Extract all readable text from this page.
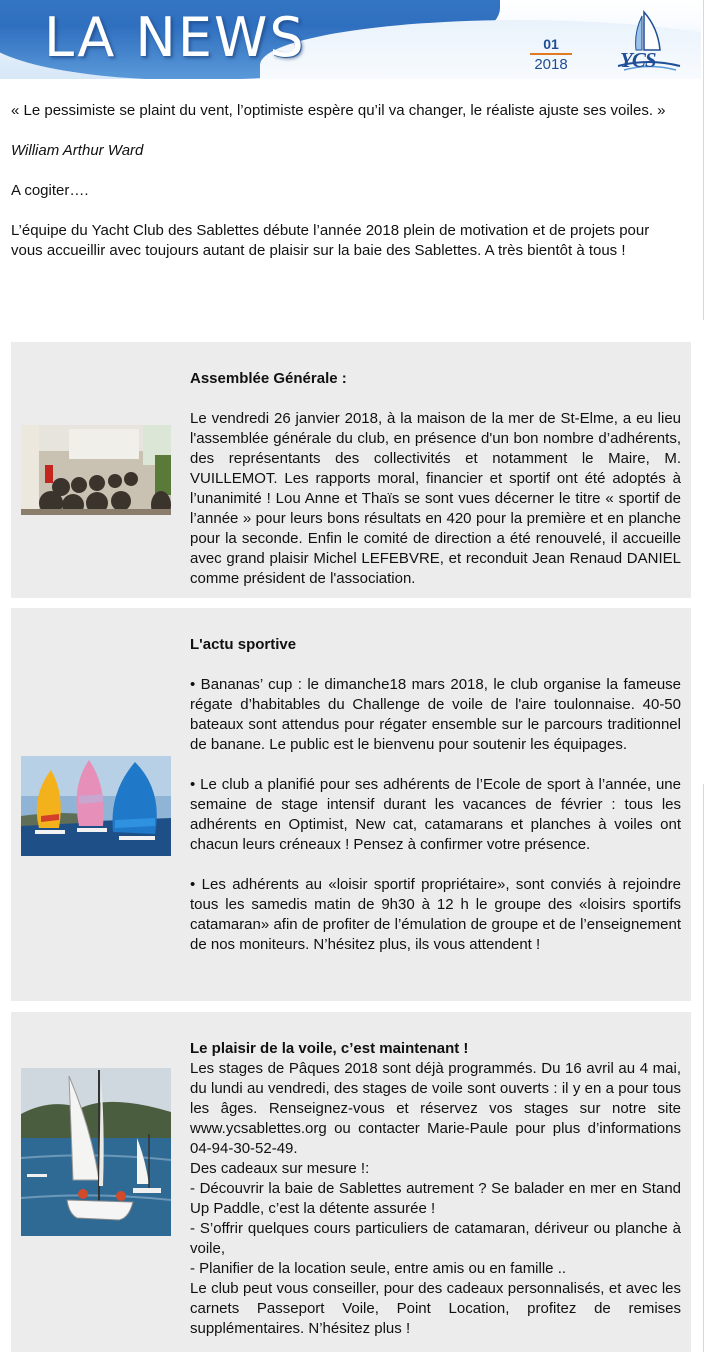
LA NEWS	01
2018 YCS

« Le pessimiste se plaint du vent, l’optimiste espère qu’il va changer, le réaliste ajuste ses voiles. »

William Arthur Ward

A cogiter….

L’équipe du Yacht Club des Sablettes débute l’année 2018 plein de motivation et de projets pour vous accueillir avec toujours autant de plaisir sur la baie des Sablettes. A très bientôt à tous !

Assemblée Générale :

Le vendredi 26 janvier 2018, à la maison de la mer de St-Elme, a eu lieu l'assemblée générale du club, en présence d'un bon nombre d’adhérents, des représentants des collectivités et notamment le Maire, M. VUILLEMOT. Les rapports moral, financier et sportif ont été adoptés à l’unanimité ! Lou Anne et Thaïs se sont vues décerner le titre « sportif de l’année » pour leurs bons résultats en 420 pour la première et en planche pour la seconde. Enfin le comité de direction a été renouvelé, il accueille avec grand plaisir Michel LEFEBVRE, et reconduit Jean Renaud DANIEL comme président de l'association.

L'actu sportive

• Bananas’ cup : le dimanche18 mars 2018, le club organise la fameuse régate d’habitables du Challenge de voile de l'aire toulonnaise. 40-50 bateaux sont attendus pour régater ensemble sur le parcours traditionnel de banane. Le public est le bienvenu pour soutenir les équipages.

• Le club a planifié pour ses adhérents de l’Ecole de sport à l’année, une semaine de stage intensif durant les vacances de février : tous les adhérents en Optimist, New cat, catamarans et planches à voiles ont chacun leurs créneaux ! Pensez à confirmer votre présence.

• Les adhérents au «loisir sportif propriétaire», sont conviés à rejoindre tous les samedis matin de 9h30 à 12 h le groupe des «loisirs sportifs catamaran» afin de profiter de l’émulation de groupe et de l’enseignement de nos moniteurs. N’hésitez plus, ils vous attendent !

Le plaisir de la voile, c’est maintenant !

Les stages de Pâques 2018 sont déjà programmés. Du 16 avril au 4 mai, du lundi au vendredi, des stages de voile sont ouverts : il y en a pour tous les âges. Renseignez-vous et réservez vos stages sur notre site www.ycsablettes.org ou contacter Marie-Paule pour plus d’informations 04-94-30-52-49.

Des cadeaux sur mesure !:

- Découvrir la baie de Sablettes autrement ? Se balader en mer en Stand Up Paddle, c’est la détente assurée !

- S’offrir quelques cours particuliers de catamaran, dériveur ou planche à voile,

- Planifier de la location seule, entre amis ou en famille ..

Le club peut vous conseiller, pour des cadeaux personnalisés, et avec les carnets Passeport Voile, Point Location, profitez de remises supplémentaires. N’hésitez plus !
